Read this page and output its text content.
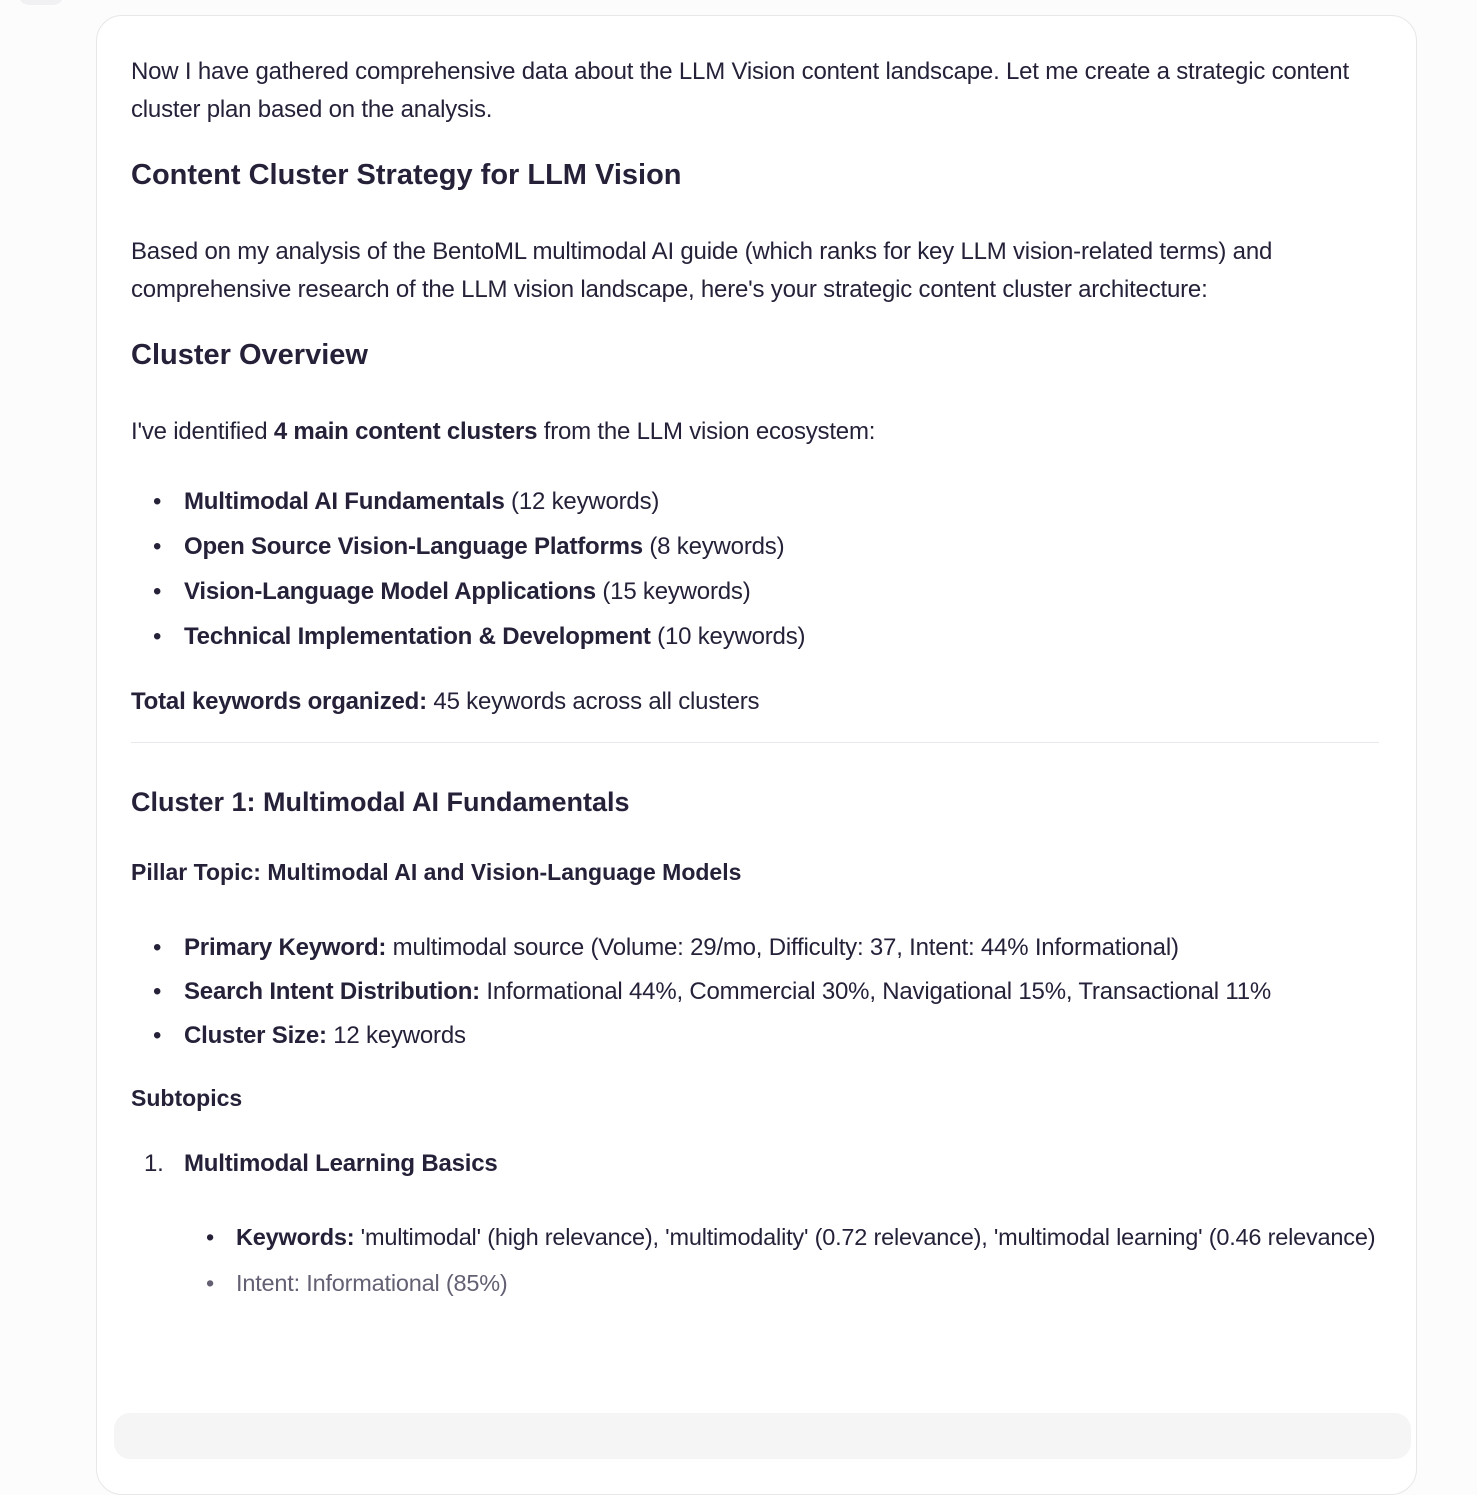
Now I have gathered comprehensive data about the LLM Vision content landscape. Let me create a strategic content cluster plan based on the analysis.

Content Cluster Strategy for LLM Vision

Based on my analysis of the BentoML multimodal AI guide (which ranks for key LLM vision-related terms) and comprehensive research of the LLM vision landscape, here's your strategic content cluster architecture:

Cluster Overview

I've identified 4 main content clusters from the LLM vision ecosystem:

• Multimodal AI Fundamentals (12 keywords)
• Open Source Vision-Language Platforms (8 keywords)
• Vision-Language Model Applications (15 keywords)
• Technical Implementation & Development (10 keywords)

Total keywords organized: 45 keywords across all clusters

Cluster 1: Multimodal AI Fundamentals
Pillar Topic: Multimodal AI and Vision-Language Models
• Primary Keyword: multimodal source (Volume: 29/mo, Difficulty: 37, Intent: 44% Informational)
• Search Intent Distribution: Informational 44%, Commercial 30%, Navigational 15%, Transactional 11%
• Cluster Size: 12 keywords
Subtopics
1. Multimodal Learning Basics
• Keywords: 'multimodal' (high relevance), 'multimodality' (0.72 relevance), 'multimodal learning' (0.46 relevance)
• Intent: Informational (85%)
